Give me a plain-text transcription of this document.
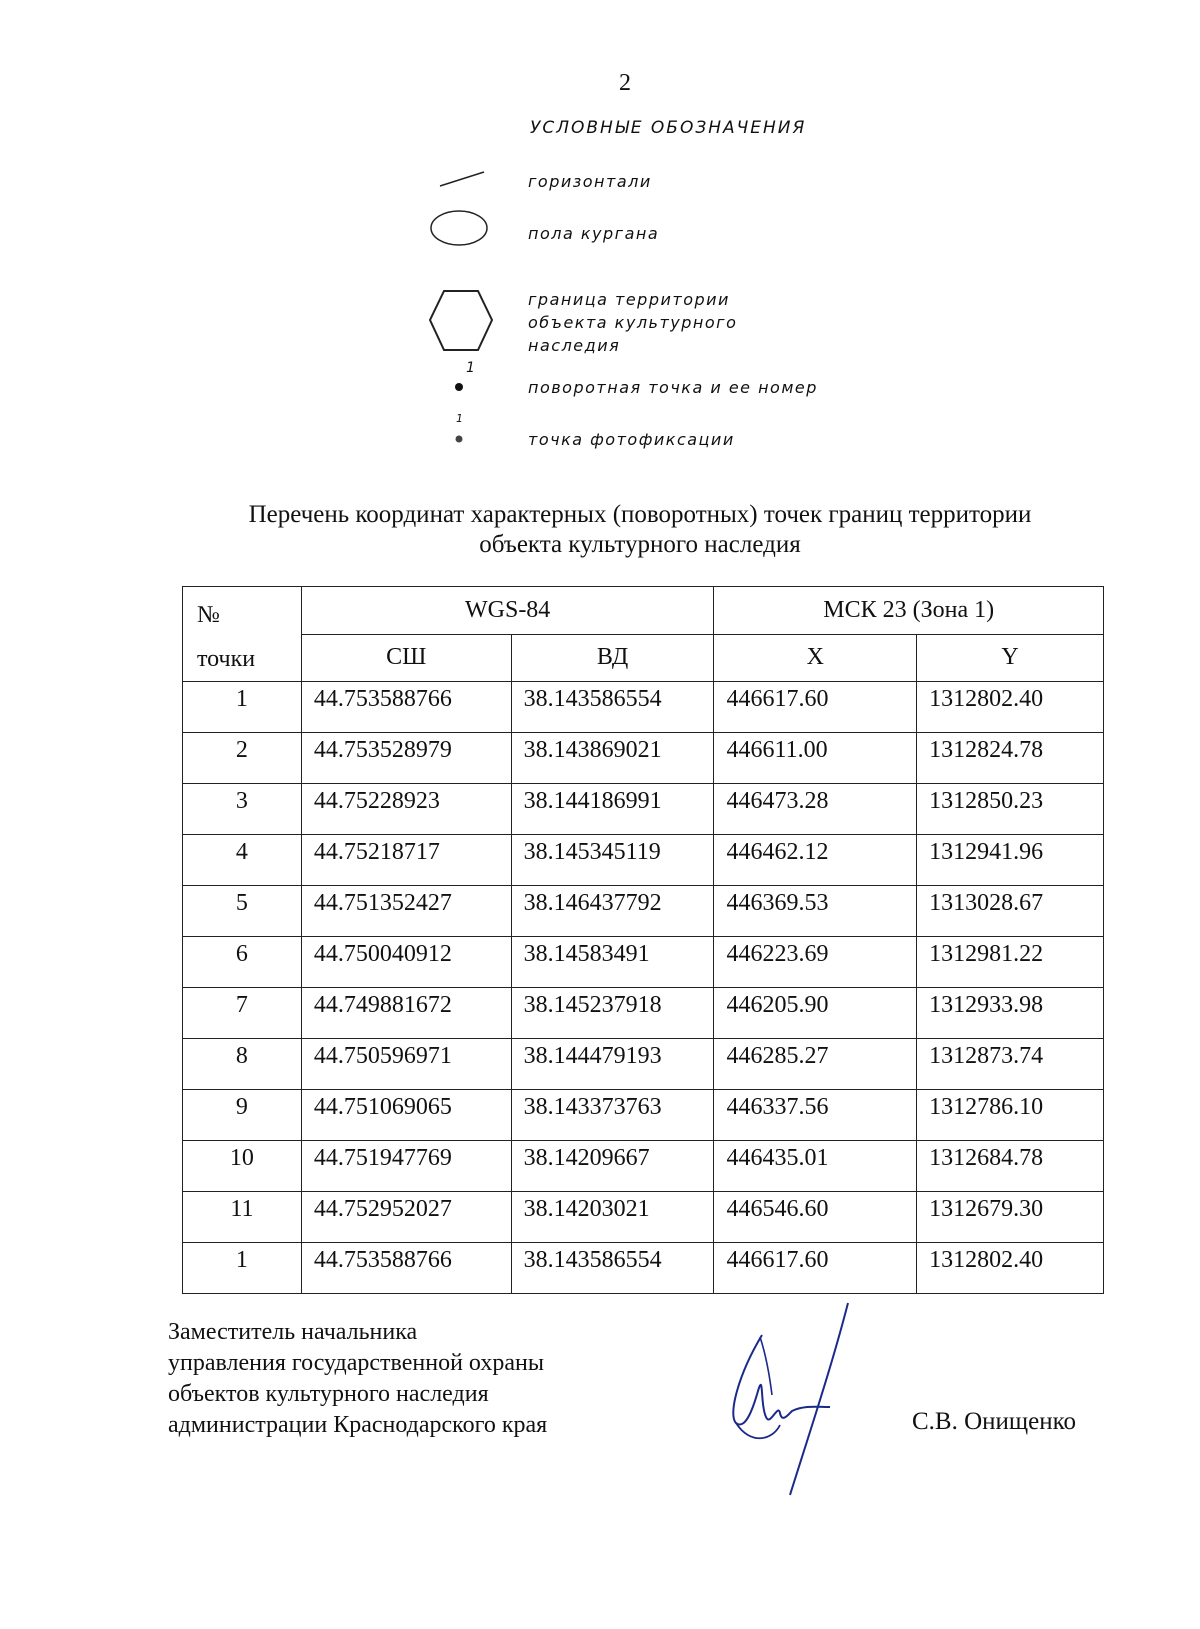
2
УСЛОВНЫЕ ОБОЗНАЧЕНИЯ
горизонтали
пола кургана
граница территории
объекта культурного
наследия
1
поворотная точка и ее номер
1
точка фотофиксации
Перечень координат характерных (поворотных) точек границ территории
объекта культурного наследия
№
точки	WGS-84		МСК 23 (Зона 1)	
	СШ	ВД	X	Y
1	44.753588766	38.143586554	446617.60	1312802.40
2	44.753528979	38.143869021	446611.00	1312824.78
3	44.75228923	38.144186991	446473.28	1312850.23
4	44.75218717	38.145345119	446462.12	1312941.96
5	44.751352427	38.146437792	446369.53	1313028.67
6	44.750040912	38.14583491	446223.69	1312981.22
7	44.749881672	38.145237918	446205.90	1312933.98
8	44.750596971	38.144479193	446285.27	1312873.74
9	44.751069065	38.143373763	446337.56	1312786.10
10	44.751947769	38.14209667	446435.01	1312684.78
11	44.752952027	38.14203021	446546.60	1312679.30
1	44.753588766	38.143586554	446617.60	1312802.40
Заместитель начальника
управления государственной охраны
объектов культурного наследия
администрации Краснодарского края	С.В. Онищенко
